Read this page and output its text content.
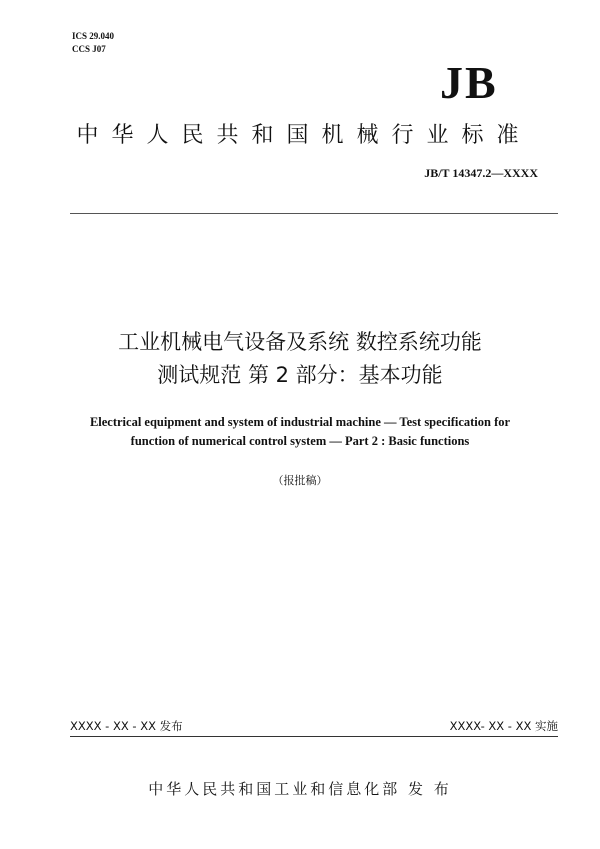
ICS 29.040
CCS J07
JB
中华人民共和国机械行业标准
JB/T 14347.2—XXXX
工业机械电气设备及系统 数控系统功能
测试规范 第 2 部分：基本功能
Electrical equipment and system of industrial machine — Test specification for
function of numerical control system — Part 2 : Basic functions
（报批稿）
XXXX - XX - XX 发布	XXXX- XX - XX 实施
中华人民共和国工业和信息化部 发 布
